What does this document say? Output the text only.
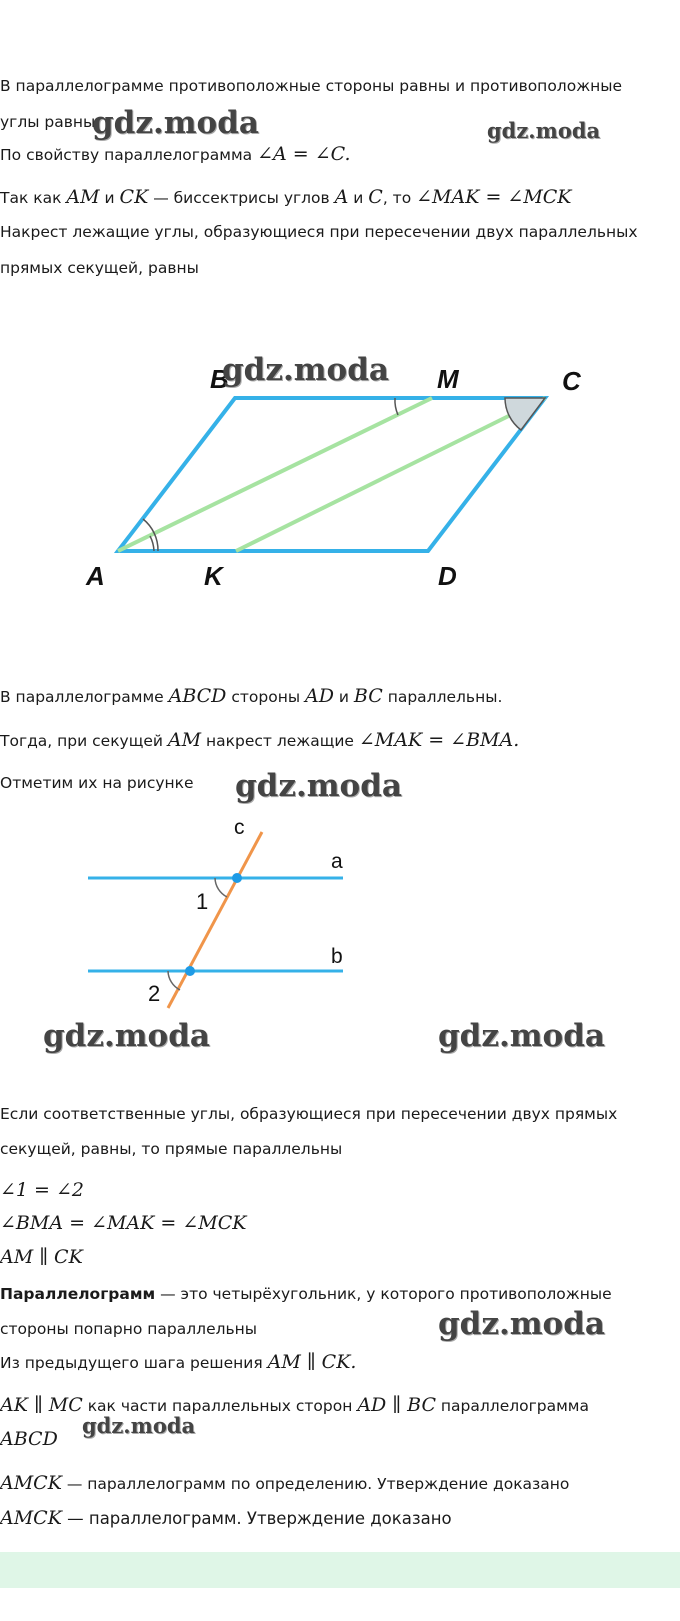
В параллелограмме противоположные стороны равны и противоположные
углы равны.
По свойству параллелограмма ∠A = ∠C.
Так как AM и CK — биссектрисы углов A и C, то ∠MAK = ∠MCK
Накрест лежащие углы, образующиеся при пересечении двух параллельных
прямых секущей, равны
B	M	C
A	K	D
В параллелограмме ABCD стороны AD и BC параллельны.
Тогда, при секущей AM накрест лежащие ∠MAK = ∠BMA.
Отметим их на рисунке
c
a
b
1
2
Если соответственные углы, образующиеся при пересечении двух прямых
секущей, равны, то прямые параллельны
∠1 = ∠2
∠BMA = ∠MAK = ∠MCK
AM ∥ CK
Параллелограмм — это четырёхугольник, у которого противоположные
стороны попарно параллельны
Из предыдущего шага решения AM ∥ CK.
AK ∥ MC как части параллельных сторон AD ∥ BC параллелограмма
ABCD
AMCK — параллелограмм по определению. Утверждение доказано
AMCK — параллелограмм. Утверждение доказано
gdz.moda	gdz.moda
gdz.moda
gdz.moda
gdz.moda	gdz.moda
gdz.moda
gdz.moda
